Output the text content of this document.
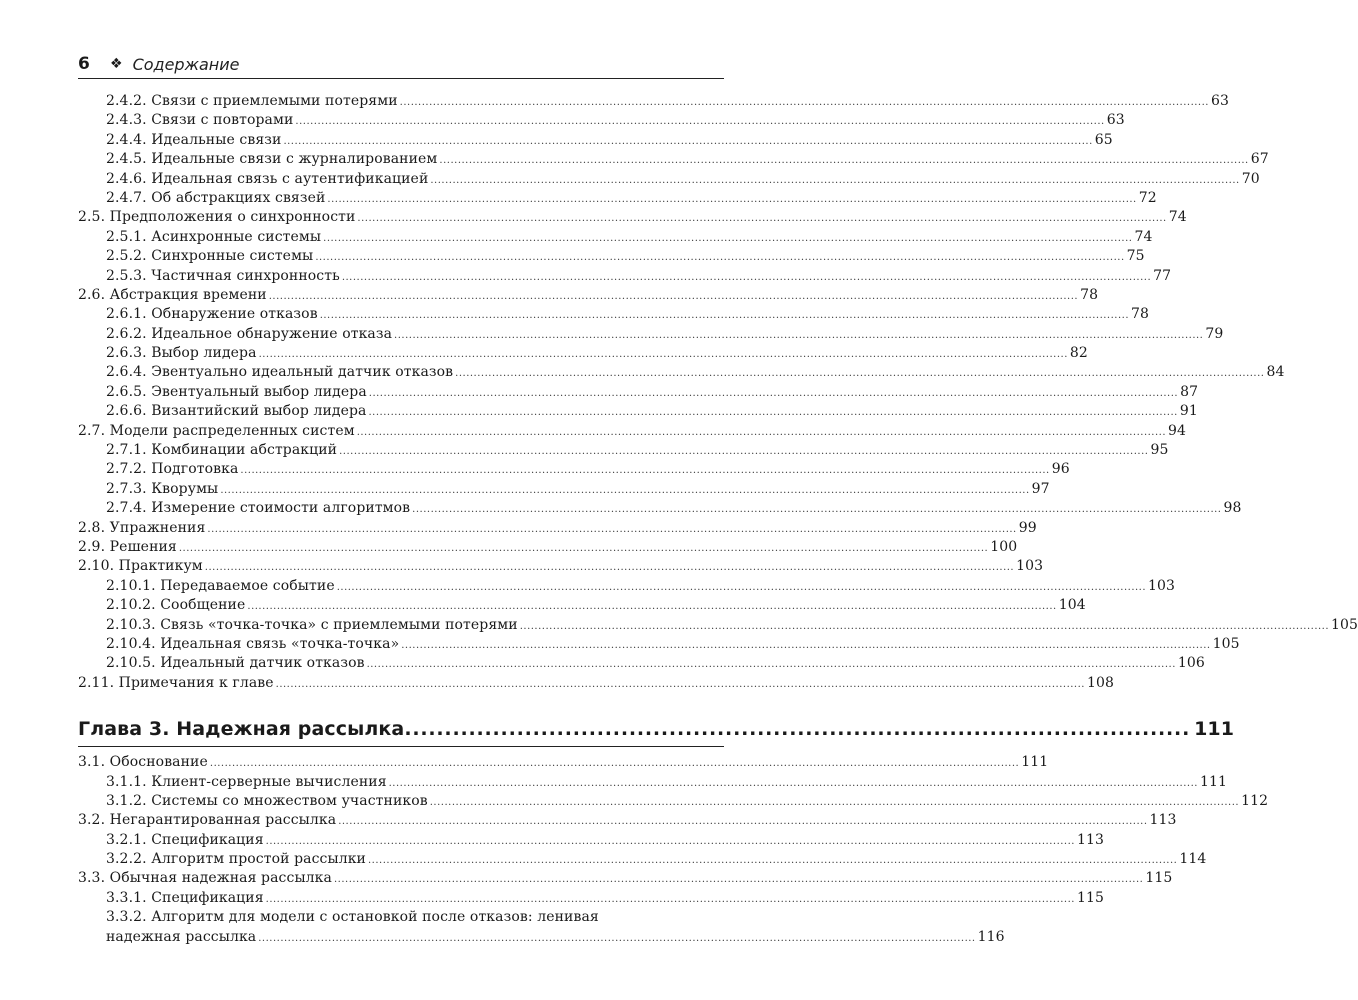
6	❖ Содержание
2.4.2. Связи с приемлемыми потерями ............................................................................................................................................................................................................................ 63
2.4.3. Связи с повторами ............................................................................................................................................................................................................................ 63
2.4.4. Идеальные связи ............................................................................................................................................................................................................................ 65
2.4.5. Идеальные связи с журналированием ............................................................................................................................................................................................................................ 67
2.4.6. Идеальная связь с аутентификацией ............................................................................................................................................................................................................................ 70
2.4.7. Об абстракциях связей ............................................................................................................................................................................................................................ 72
2.5. Предположения о синхронности ............................................................................................................................................................................................................................ 74
2.5.1. Асинхронные системы ............................................................................................................................................................................................................................ 74
2.5.2. Синхронные системы ............................................................................................................................................................................................................................ 75
2.5.3. Частичная синхронность ............................................................................................................................................................................................................................ 77
2.6. Абстракция времени ............................................................................................................................................................................................................................ 78
2.6.1. Обнаружение отказов ............................................................................................................................................................................................................................ 78
2.6.2. Идеальное обнаружение отказа ............................................................................................................................................................................................................................ 79
2.6.3. Выбор лидера ............................................................................................................................................................................................................................ 82
2.6.4. Эвентуально идеальный датчик отказов ............................................................................................................................................................................................................................ 84
2.6.5. Эвентуальный выбор лидера ............................................................................................................................................................................................................................ 87
2.6.6. Византийский выбор лидера ............................................................................................................................................................................................................................ 91
2.7. Модели распределенных систем ............................................................................................................................................................................................................................ 94
2.7.1. Комбинации абстракций ............................................................................................................................................................................................................................ 95
2.7.2. Подготовка ............................................................................................................................................................................................................................ 96
2.7.3. Кворумы ............................................................................................................................................................................................................................ 97
2.7.4. Измерение стоимости алгоритмов ............................................................................................................................................................................................................................ 98
2.8. Упражнения ............................................................................................................................................................................................................................ 99
2.9. Решения ............................................................................................................................................................................................................................ 100
2.10. Практикум ............................................................................................................................................................................................................................ 103
2.10.1. Передаваемое событие ............................................................................................................................................................................................................................ 103
2.10.2. Сообщение ............................................................................................................................................................................................................................ 104
2.10.3. Связь «точка-точка» с приемлемыми потерями ............................................................................................................................................................................................................................ 105
2.10.4. Идеальная связь «точка-точка» ............................................................................................................................................................................................................................ 105
2.10.5. Идеальный датчик отказов ............................................................................................................................................................................................................................ 106
2.11. Примечания к главе ............................................................................................................................................................................................................................ 108
Глава 3. Надежная рассылка .................................................................................................. 111
3.1. Обоснование ............................................................................................................................................................................................................................ 111
3.1.1. Клиент-серверные вычисления ............................................................................................................................................................................................................................ 111
3.1.2. Системы со множеством участников ............................................................................................................................................................................................................................ 112
3.2. Негарантированная рассылка ............................................................................................................................................................................................................................ 113
3.2.1. Спецификация ............................................................................................................................................................................................................................ 113
3.2.2. Алгоритм простой рассылки ............................................................................................................................................................................................................................ 114
3.3. Обычная надежная рассылка ............................................................................................................................................................................................................................ 115
3.3.1. Спецификация ............................................................................................................................................................................................................................ 115
3.3.2. Алгоритм для модели с остановкой после отказов: ленивая
надежная рассылка ................................................................................................................................................................................................... 116
